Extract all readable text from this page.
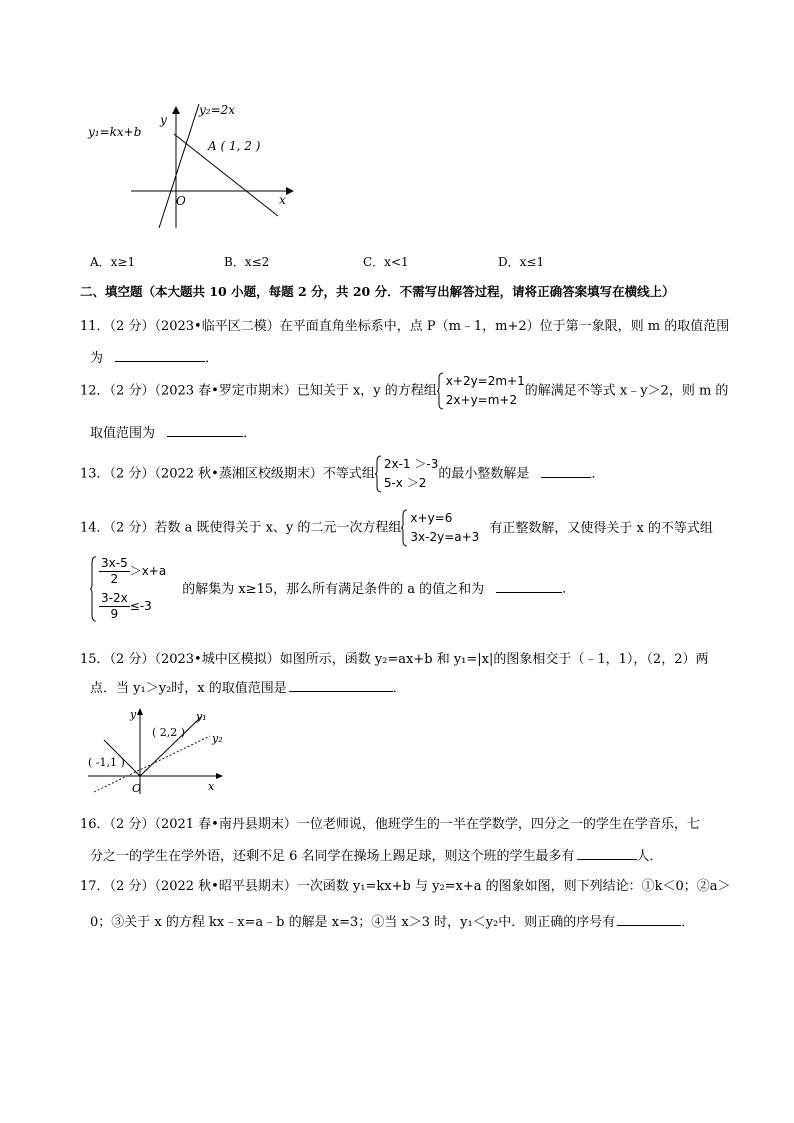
y₁=kx+b
y₂=2x
y
x
O
A ( 1, 2 )
A．x≥1	B．x≤2	C．x<1	D．x≤1
二、填空题（本大题共 10 小题，每题 2 分，共 20 分．不需写出解答过程，请将正确答案填写在横线上）
11．（2 分）（2023•临平区二模）在平面直角坐标系中，点 P（m﹣1，m+2）位于第一象限，则 m 的取值范围
为	．
12．（2 分）（2023 春•罗定市期末）已知关于 x，y 的方程组
x+2y=2m+1
2x+y=m+2
的解满足不等式 x﹣y＞2，则 m 的
取值范围为	．
13．（2 分）（2022 秋•蒸湘区校级期末）不等式组
2x-1 ＞-3
5-x ＞2
的最小整数解是	．
14．（2 分）若数 a 既使得关于 x、y 的二元一次方程组
x+y=6
3x-2y=a+3
有正整数解，又使得关于 x 的不等式组
$\frac{3x-5}{2} >x+a$
$\frac{3-2x}{9} \le-3$
的解集为 x≥15，那么所有满足条件的 a 的值之和为	．
15．（2 分）（2023•城中区模拟）如图所示，函数 y₂=ax+b 和 y₁=|x|的图象相交于（﹣1，1），（2，2）两
点．当 y₁＞y₂时，x 的取值范围是	．
y
x
O
( 2,2 )
( -1,1 )
y₁
y₂
16．（2 分）（2021 春•南丹县期末）一位老师说，他班学生的一半在学数学，四分之一的学生在学音乐，七
分之一的学生在学外语，还剩不足 6 名同学在操场上踢足球，则这个班的学生最多有	人．
17．（2 分）（2022 秋•昭平县期末）一次函数 y₁=kx+b 与 y₂=x+a 的图象如图，则下列结论：①k＜0；②a＞
0；③关于 x 的方程 kx﹣x=a﹣b 的解是 x=3；④当 x＞3 时，y₁＜y₂中．则正确的序号有	．
